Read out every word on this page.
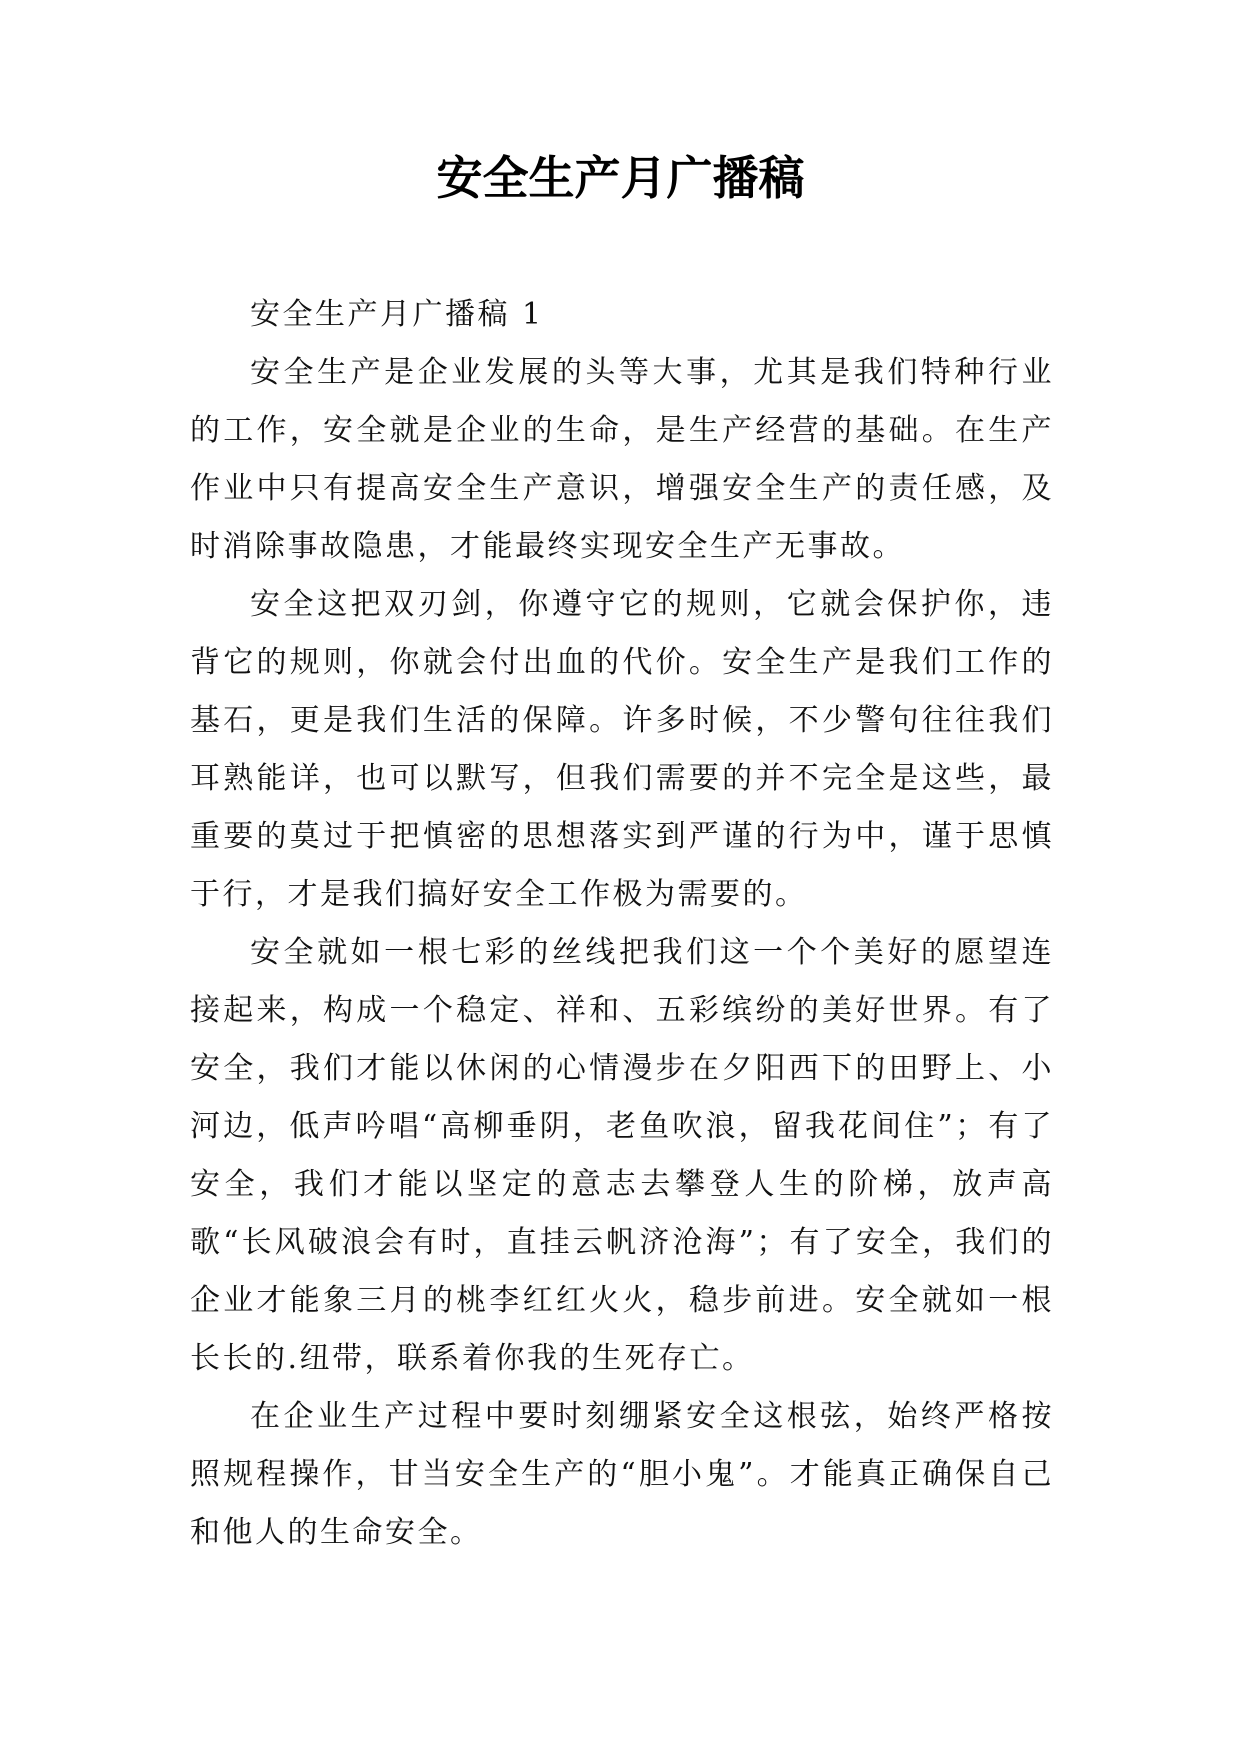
安全生产月广播稿

安全生产月广播稿 1

安全生产是企业发展的头等大事，尤其是我们特种行业的工作，安全就是企业的生命，是生产经营的基础。在生产作业中只有提高安全生产意识，增强安全生产的责任感，及时消除事故隐患，才能最终实现安全生产无事故。

安全这把双刃剑，你遵守它的规则，它就会保护你，违背它的规则，你就会付出血的代价。安全生产是我们工作的基石，更是我们生活的保障。许多时候，不少警句往往我们耳熟能详，也可以默写，但我们需要的并不完全是这些，最重要的莫过于把慎密的思想落实到严谨的行为中，谨于思慎于行，才是我们搞好安全工作极为需要的。

安全就如一根七彩的丝线把我们这一个个美好的愿望连接起来，构成一个稳定、祥和、五彩缤纷的美好世界。有了安全，我们才能以休闲的心情漫步在夕阳西下的田野上、小河边，低声吟唱“高柳垂阴，老鱼吹浪，留我花间住”；有了安全，我们才能以坚定的意志去攀登人生的阶梯，放声高歌“长风破浪会有时，直挂云帆济沧海”；有了安全，我们的企业才能象三月的桃李红红火火，稳步前进。安全就如一根长长的.纽带，联系着你我的生死存亡。

在企业生产过程中要时刻绷紧安全这根弦，始终严格按照规程操作，甘当安全生产的“胆小鬼”。才能真正确保自己和他人的生命安全。
